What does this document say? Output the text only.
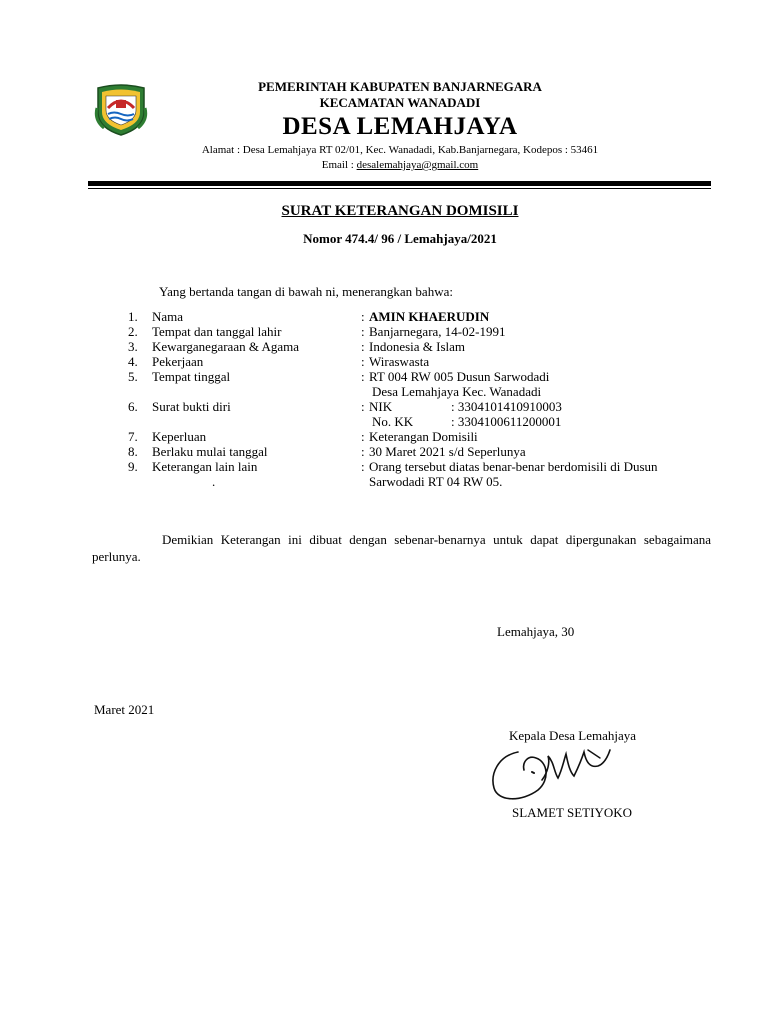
PEMERINTAH KABUPATEN BANJARNEGARA
KECAMATAN WANADADI
DESA LEMAHJAYA
Alamat : Desa Lemahjaya RT 02/01, Kec. Wanadadi, Kab.Banjarnegara, Kodepos : 53461
Email : desalemahjaya@gmail.com
SURAT KETERANGAN DOMISILI
Nomor 474.4/ 96 / Lemahjaya/2021
Yang bertanda tangan di bawah ni, menerangkan bahwa:
1.	Nama	: AMIN KHAERUDIN
2.	Tempat dan tanggal lahir	: Banjarnegara, 14-02-1991
3.	Kewarganegaraan & Agama	: Indonesia & Islam
4.	Pekerjaan	: Wiraswasta
5.	Tempat tinggal	: RT 004 RW 005 Dusun Sarwodadi
Desa Lemahjaya Kec. Wanadadi
6.	Surat bukti diri	: NIK	: 3304101410910003
No. KK	: 3304100611200001
7.	Keperluan	: Keterangan Domisili
8.	Berlaku mulai tanggal	: 30 Maret 2021 s/d Seperlunya
9.	Keterangan lain lain	: Orang tersebut diatas benar-benar berdomisili di Dusun
Sarwodadi RT 04 RW 05.
.
Demikian Keterangan ini dibuat dengan sebenar-benarnya untuk dapat dipergunakan sebagaimana perlunya.
Lemahjaya, 30
Maret 2021
Kepala Desa Lemahjaya
SLAMET SETIYOKO
